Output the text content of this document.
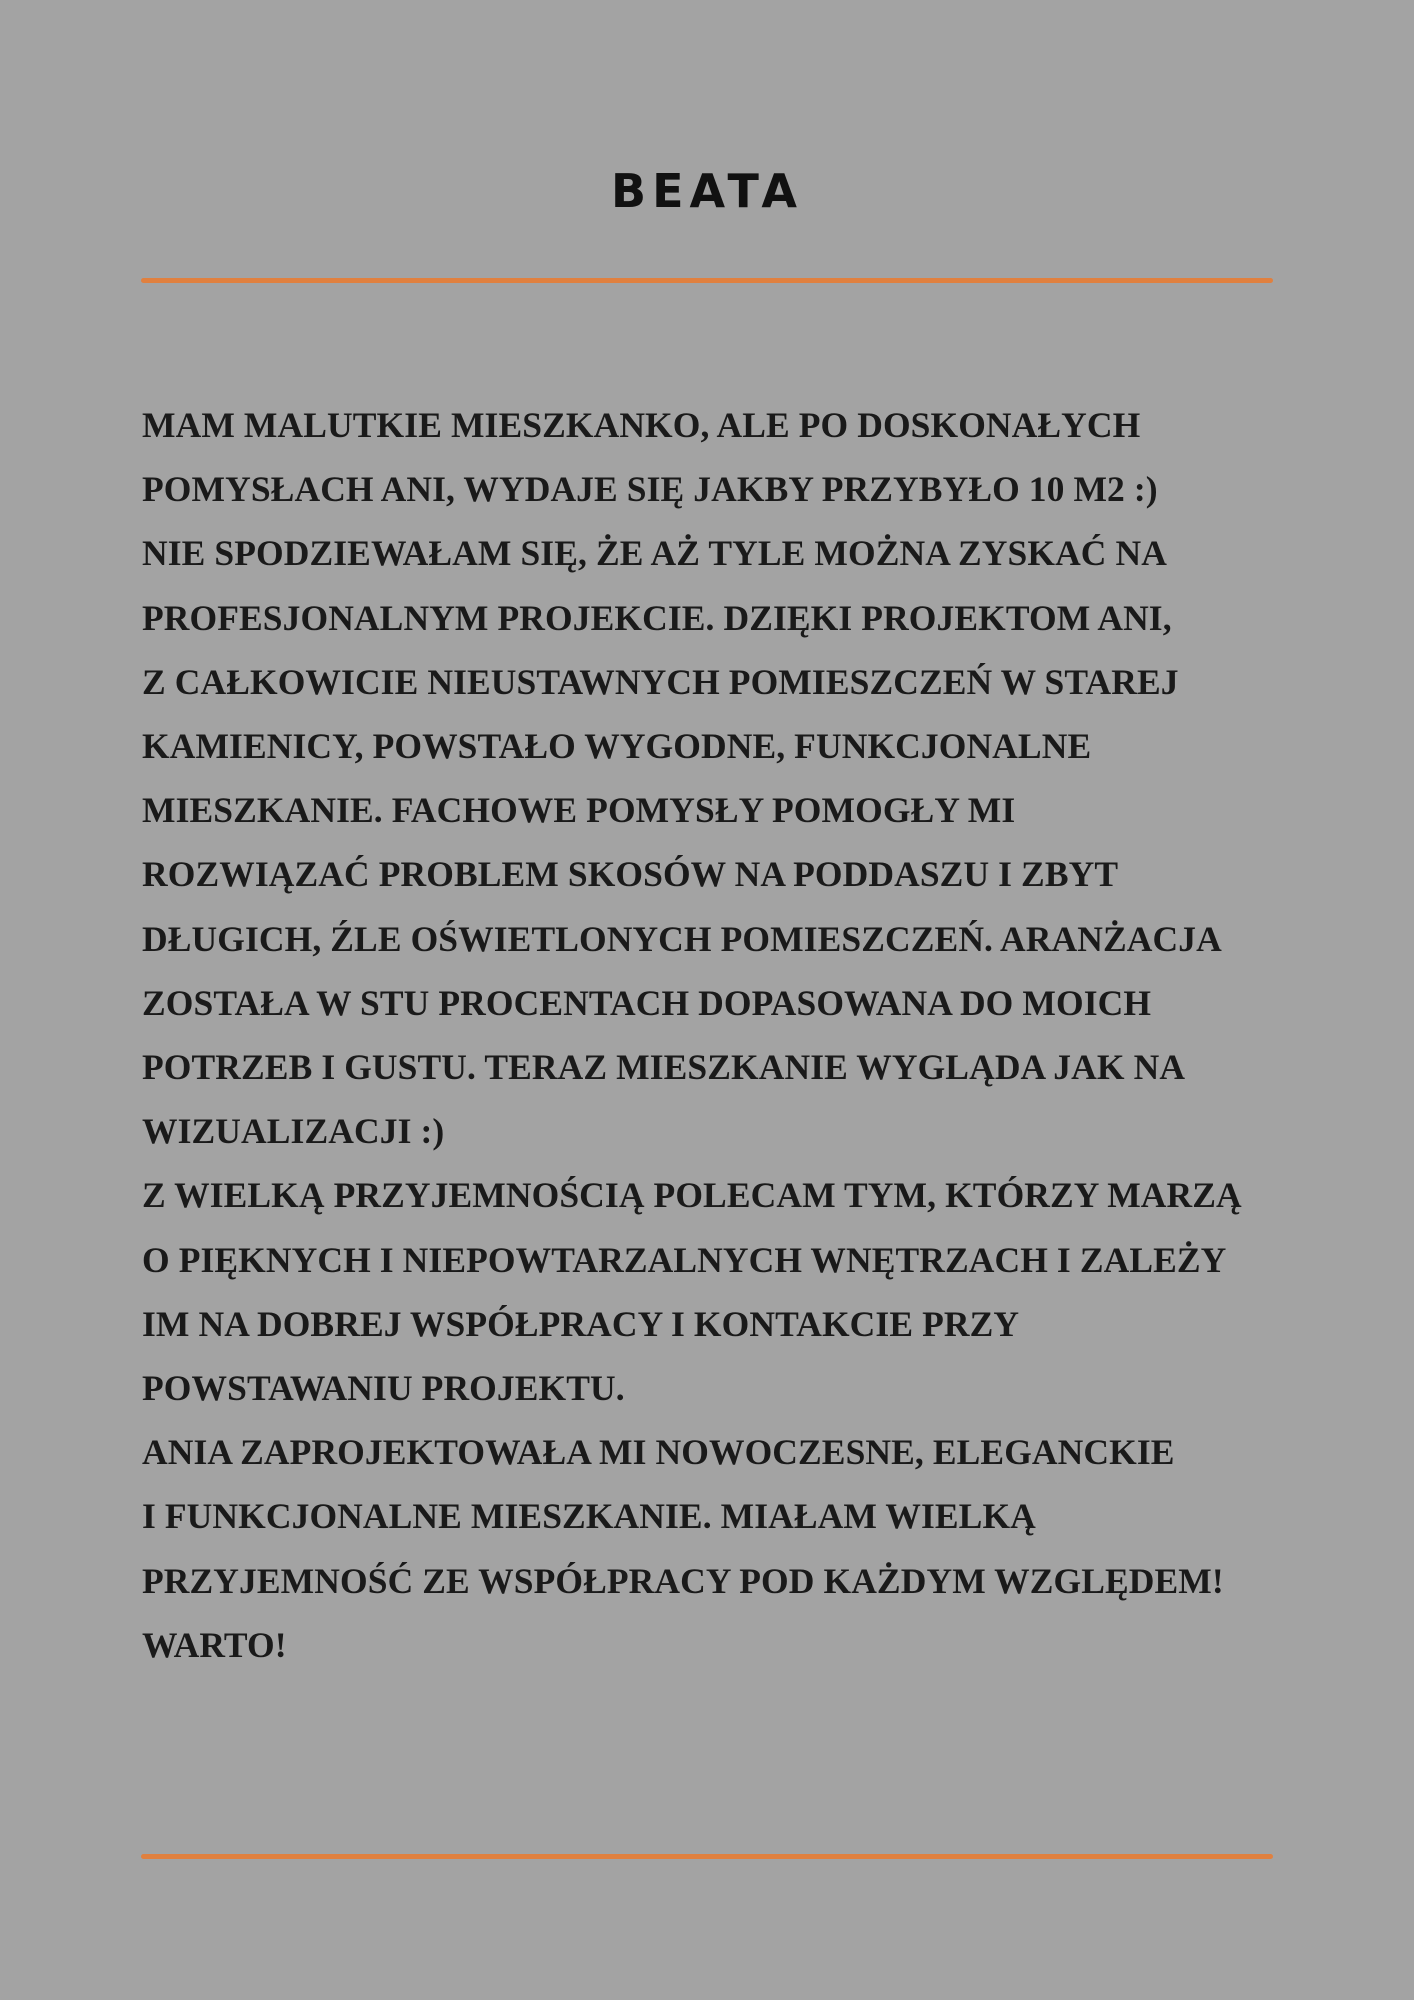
BEATA
MAM MALUTKIE MIESZKANKO, ALE PO DOSKONAŁYCH
POMYSŁACH ANI, WYDAJE SIĘ JAKBY PRZYBYŁO 10 M2 :)
NIE SPODZIEWAŁAM SIĘ, ŻE AŻ TYLE MOŻNA ZYSKAĆ NA
PROFESJONALNYM PROJEKCIE. DZIĘKI PROJEKTOM ANI,
Z CAŁKOWICIE NIEUSTAWNYCH POMIESZCZEŃ W STAREJ
KAMIENICY, POWSTAŁO WYGODNE, FUNKCJONALNE
MIESZKANIE. FACHOWE POMYSŁY POMOGŁY MI
ROZWIĄZAĆ PROBLEM SKOSÓW NA PODDASZU I ZBYT
DŁUGICH, ŹLE OŚWIETLONYCH POMIESZCZEŃ. ARANŻACJA
ZOSTAŁA W STU PROCENTACH DOPASOWANA DO MOICH
POTRZEB I GUSTU. TERAZ MIESZKANIE WYGLĄDA JAK NA
WIZUALIZACJI :)
Z WIELKĄ PRZYJEMNOŚCIĄ POLECAM TYM, KTÓRZY MARZĄ
O PIĘKNYCH I NIEPOWTARZALNYCH WNĘTRZACH I ZALEŻY
IM NA DOBREJ WSPÓŁPRACY I KONTAKCIE PRZY
POWSTAWANIU PROJEKTU.
ANIA ZAPROJEKTOWAŁA MI NOWOCZESNE, ELEGANCKIE
I FUNKCJONALNE MIESZKANIE. MIAŁAM WIELKĄ
PRZYJEMNOŚĆ ZE WSPÓŁPRACY POD KAŻDYM WZGLĘDEM!
WARTO!
